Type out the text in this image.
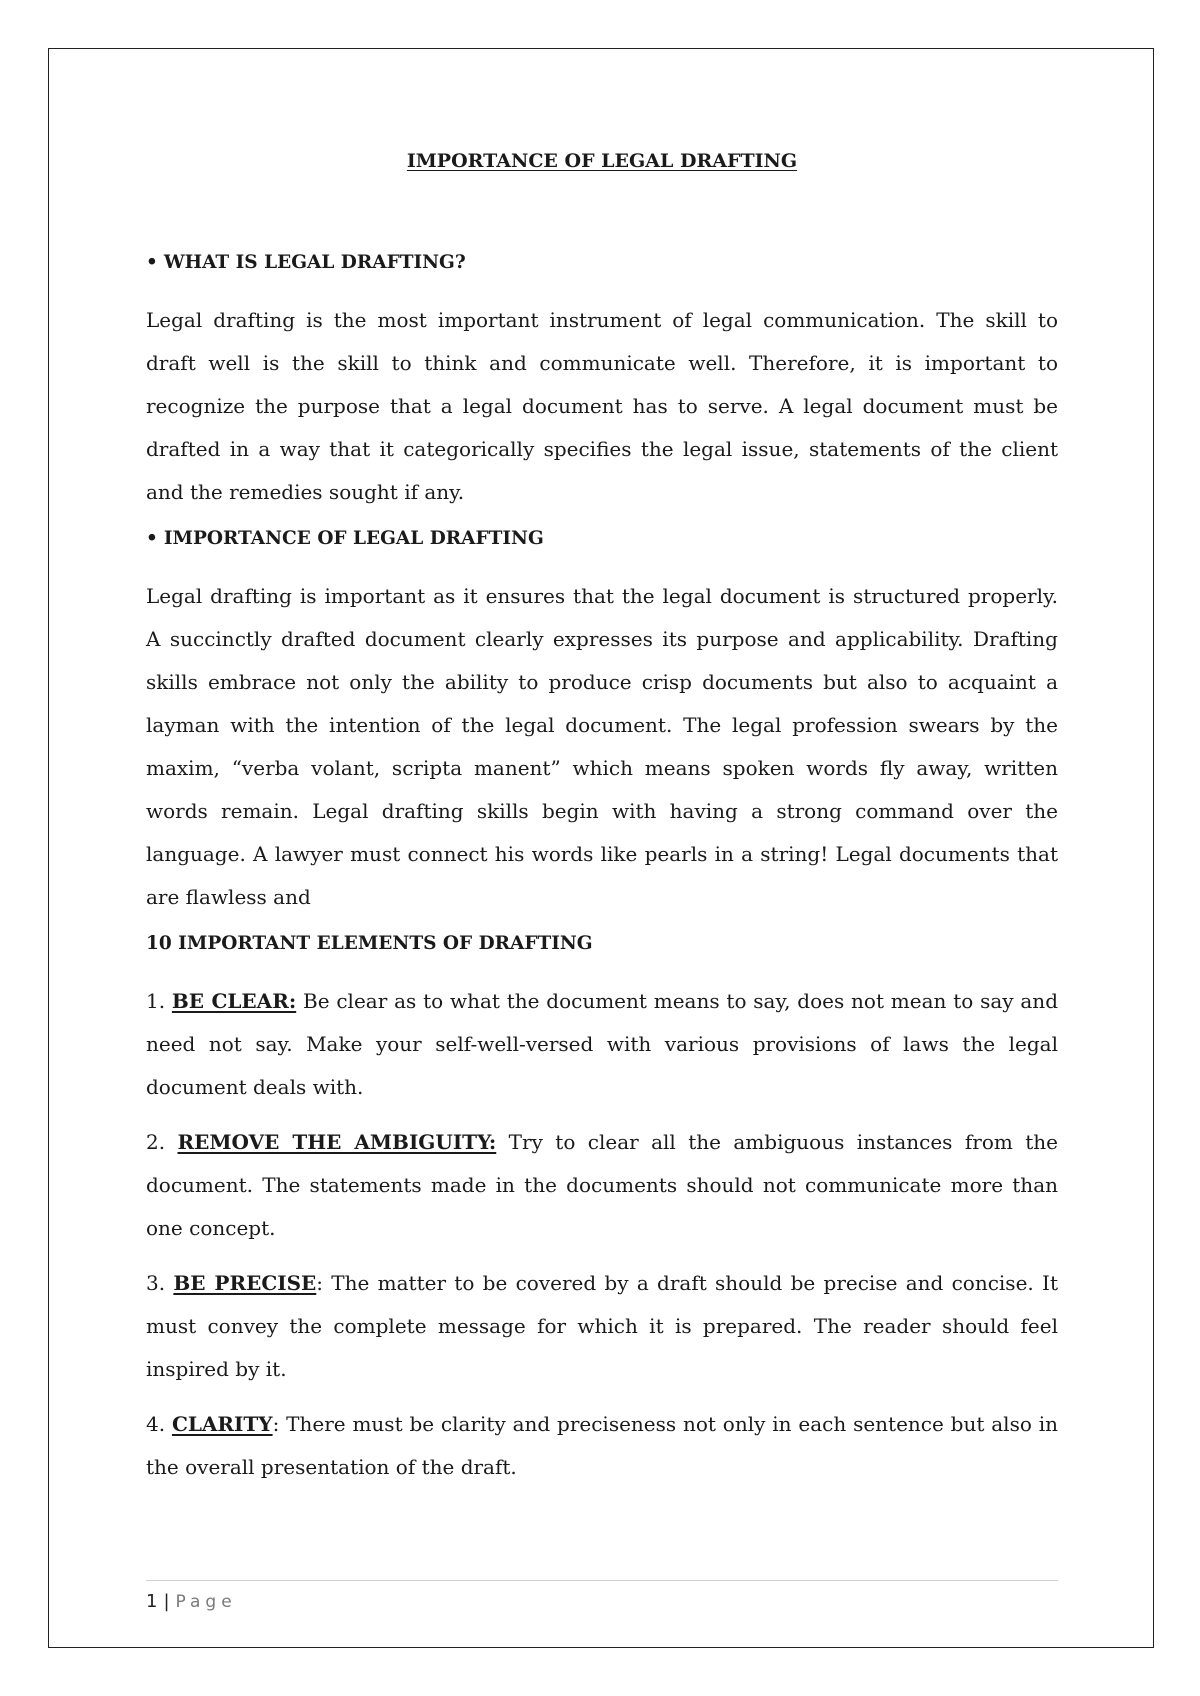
IMPORTANCE OF LEGAL DRAFTING
• WHAT IS LEGAL DRAFTING?

Legal drafting is the most important instrument of legal communication. The skill to draft well is the skill to think and communicate well. Therefore, it is important to recognize the purpose that a legal document has to serve. A legal document must be drafted in a way that it categorically specifies the legal issue, statements of the client and the remedies sought if any.

• IMPORTANCE OF LEGAL DRAFTING

Legal drafting is important as it ensures that the legal document is structured properly. A succinctly drafted document clearly expresses its purpose and applicability. Drafting skills embrace not only the ability to produce crisp documents but also to acquaint a layman with the intention of the legal document. The legal profession swears by the maxim, “verba volant, scripta manent” which means spoken words fly away, written words remain. Legal drafting skills begin with having a strong command over the language. A lawyer must connect his words like pearls in a string! Legal documents that are flawless and

10 IMPORTANT ELEMENTS OF DRAFTING

1. BE CLEAR: Be clear as to what the document means to say, does not mean to say and need not say. Make your self-well-versed with various provisions of laws the legal document deals with.

2. REMOVE THE AMBIGUITY: Try to clear all the ambiguous instances from the document. The statements made in the documents should not communicate more than one concept.

3. BE PRECISE: The matter to be covered by a draft should be precise and concise. It must convey the complete message for which it is prepared. The reader should feel inspired by it.

4. CLARITY: There must be clarity and preciseness not only in each sentence but also in the overall presentation of the draft.

1 | Page
